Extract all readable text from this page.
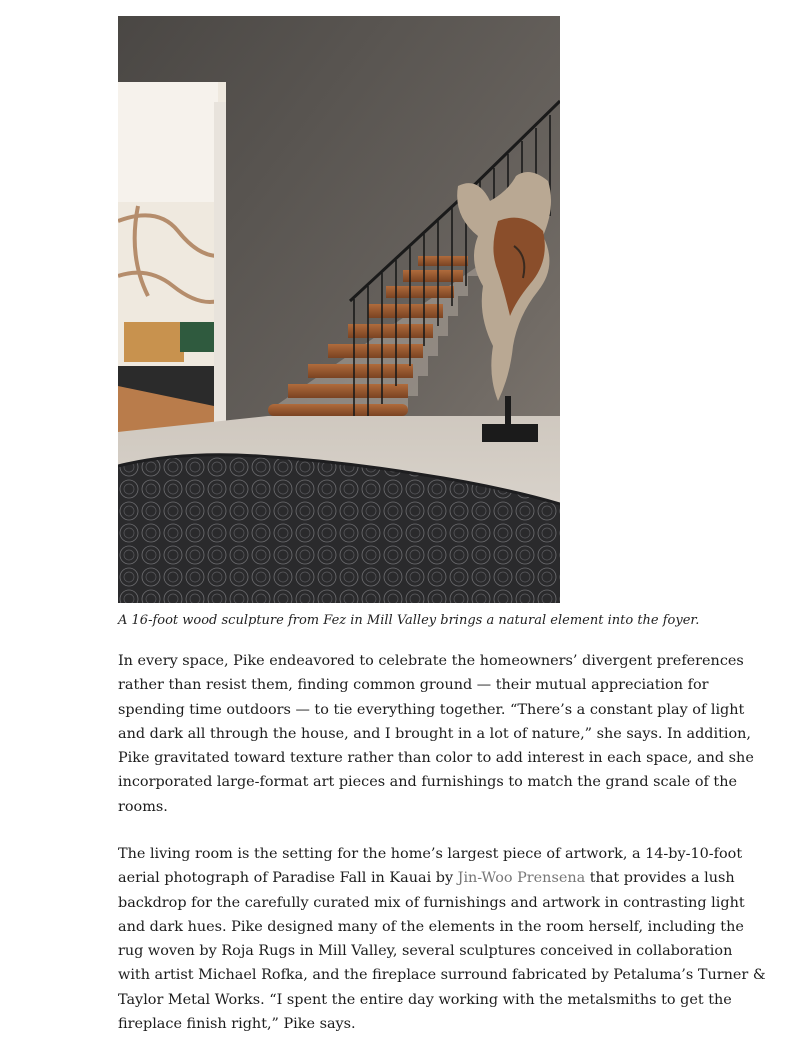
A 16-foot wood sculpture from Fez in Mill Valley brings a natural element into the foyer.

In every space, Pike endeavored to celebrate the homeowners’ divergent preferences
rather than resist them, finding common ground — their mutual appreciation for
spending time outdoors — to tie everything together. “There’s a constant play of light
and dark all through the house, and I brought in a lot of nature,” she says. In addition,
Pike gravitated toward texture rather than color to add interest in each space, and she
incorporated large-format art pieces and furnishings to match the grand scale of the
rooms.

The living room is the setting for the home’s largest piece of artwork, a 14-by-10-foot
aerial photograph of Paradise Fall in Kauai by Jin-Woo Prensena that provides a lush
backdrop for the carefully curated mix of furnishings and artwork in contrasting light
and dark hues. Pike designed many of the elements in the room herself, including the
rug woven by Roja Rugs in Mill Valley, several sculptures conceived in collaboration
with artist Michael Rofka, and the fireplace surround fabricated by Petaluma’s Turner &
Taylor Metal Works. “I spent the entire day working with the metalsmiths to get the
fireplace finish right,” Pike says.
